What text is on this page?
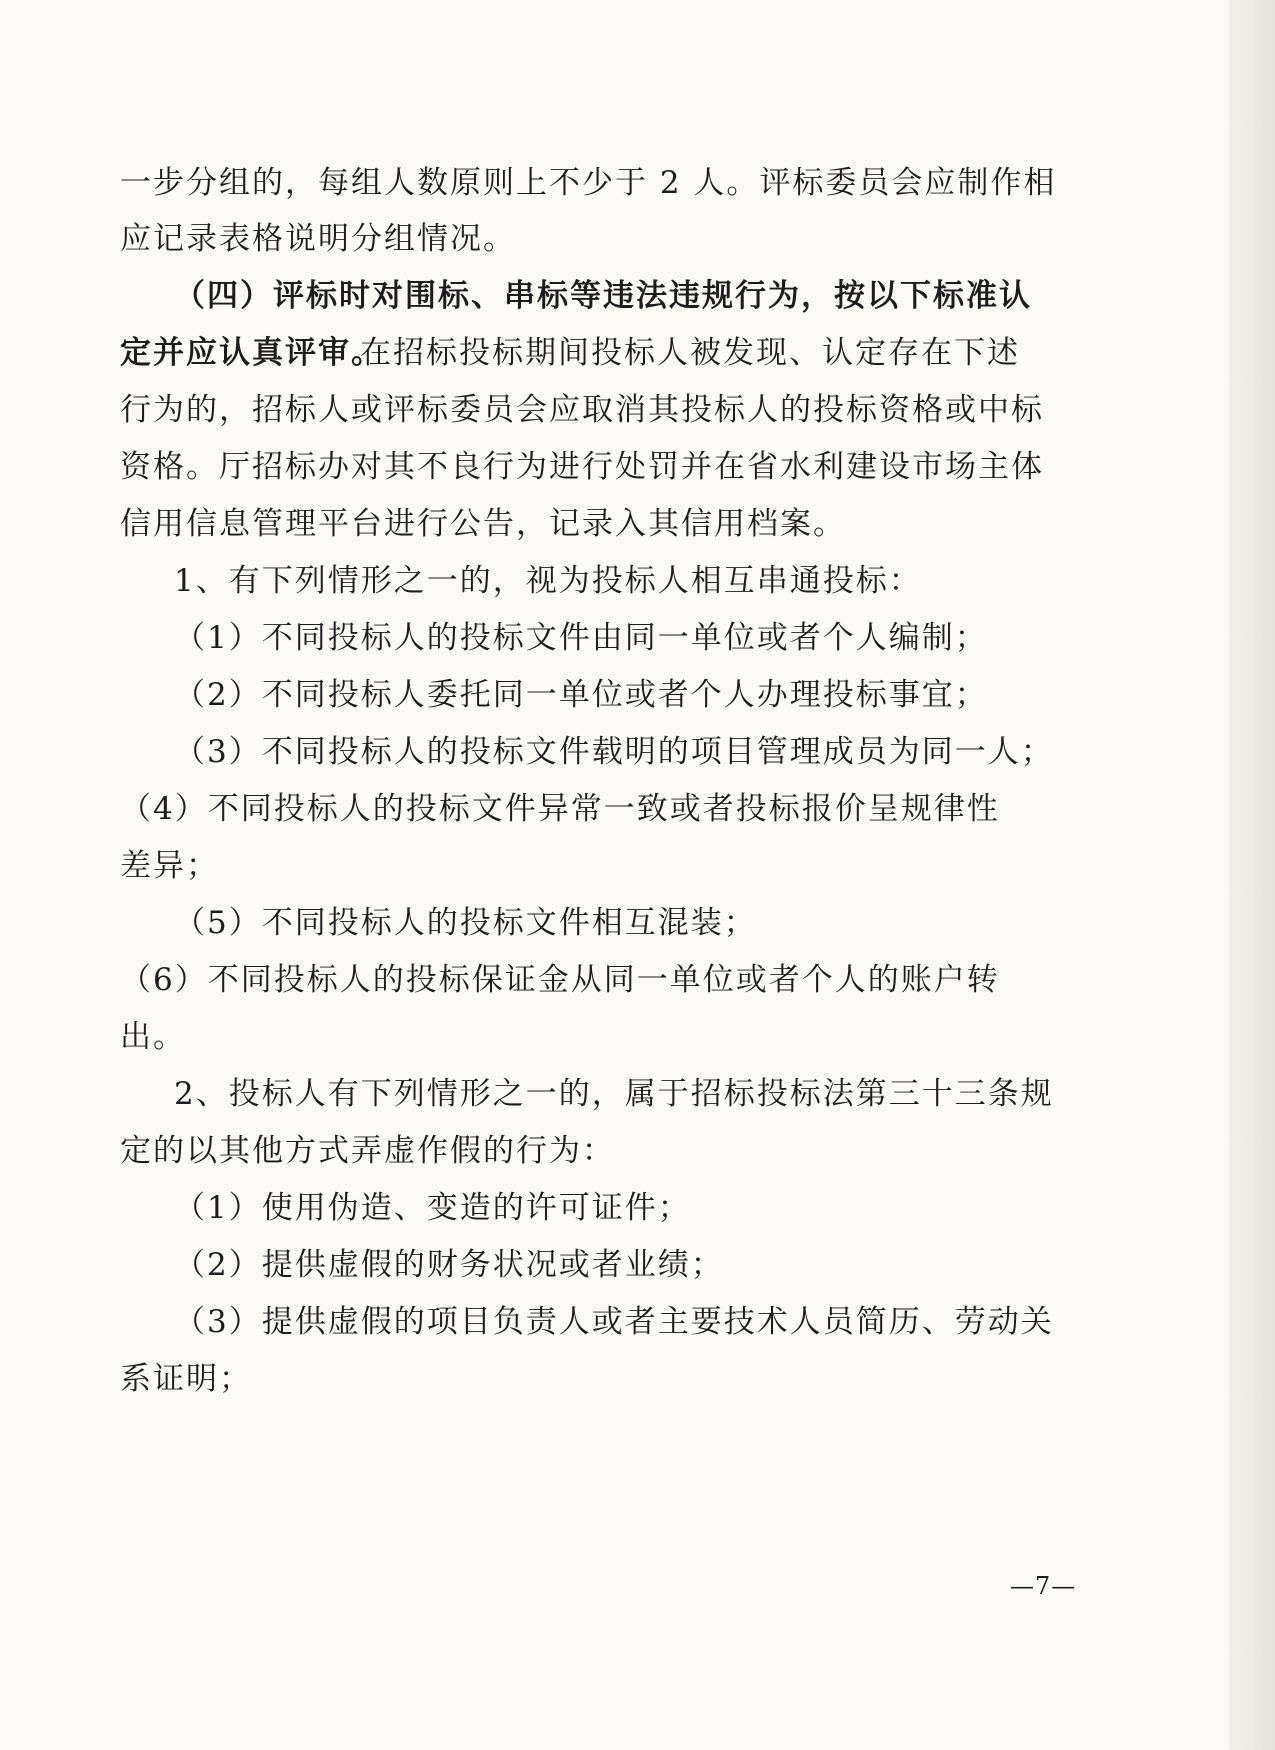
一步分组的，每组人数原则上不少于 2 人。评标委员会应制作相
应记录表格说明分组情况。
（四）评标时对围标、串标等违法违规行为，按以下标准认
定并应认真评审。
在招标投标期间投标人被发现、认定存在下述
行为的，招标人或评标委员会应取消其投标人的投标资格或中标
资格。厅招标办对其不良行为进行处罚并在省水利建设市场主体
信用信息管理平台进行公告，记录入其信用档案。
1、有下列情形之一的，视为投标人相互串通投标：
（1）不同投标人的投标文件由同一单位或者个人编制；
（2）不同投标人委托同一单位或者个人办理投标事宜；
（3）不同投标人的投标文件载明的项目管理成员为同一人；
（4）不同投标人的投标文件异常一致或者投标报价呈规律性
差异；
（5）不同投标人的投标文件相互混装；
（6）不同投标人的投标保证金从同一单位或者个人的账户转
出。
2、投标人有下列情形之一的，属于招标投标法第三十三条规
定的以其他方式弄虚作假的行为：
（1）使用伪造、变造的许可证件；
（2）提供虚假的财务状况或者业绩；
（3）提供虚假的项目负责人或者主要技术人员简历、劳动关
系证明；
—7—
